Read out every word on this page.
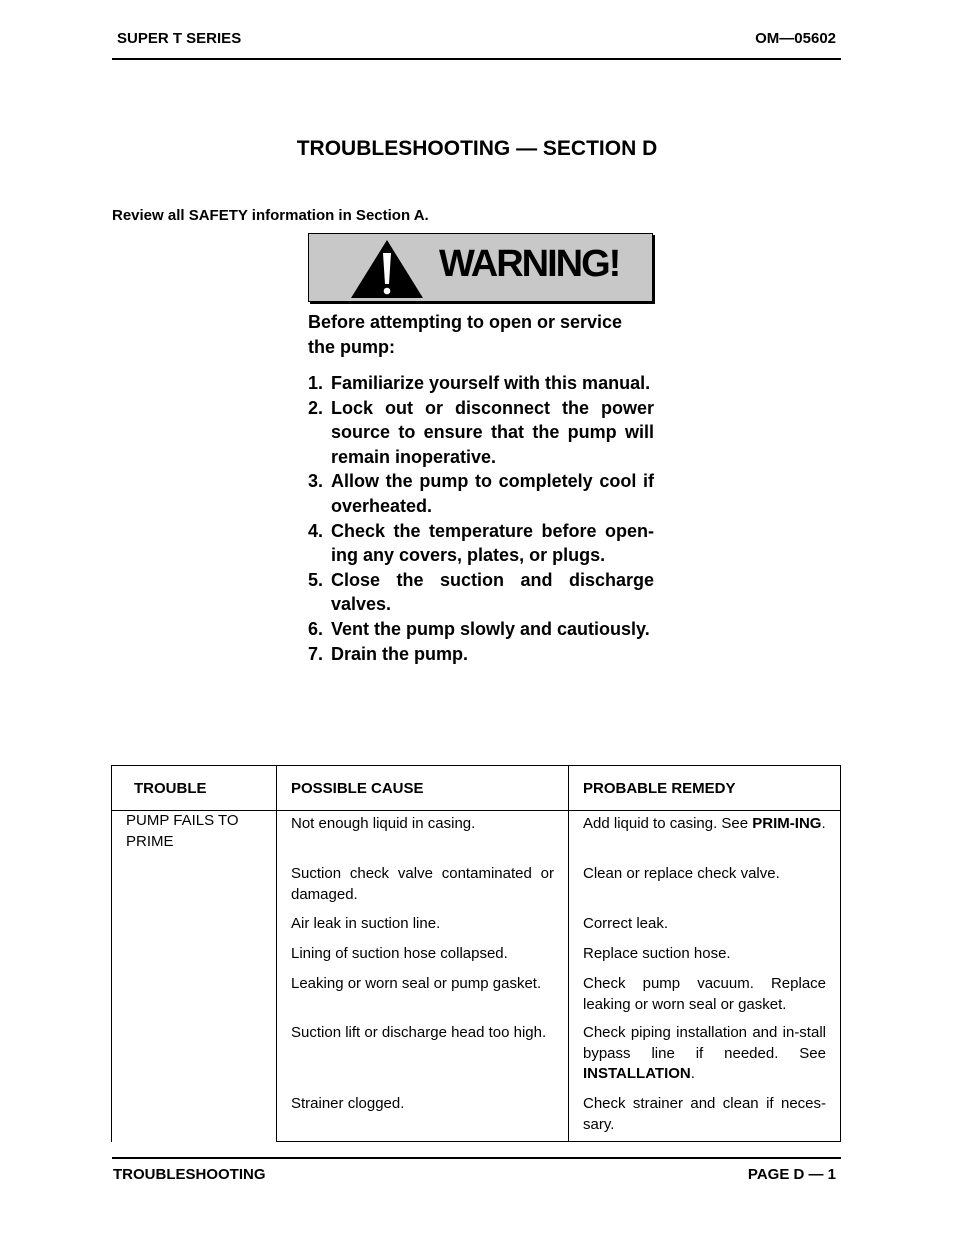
SUPER T SERIES	OM—05602
TROUBLESHOOTING — SECTION D
Review all SAFETY information in Section A.
WARNING!
Before attempting to open or service the pump:
1. Familiarize yourself with this manual.
2. Lock out or disconnect the power source to ensure that the pump will remain inoperative.
3. Allow the pump to completely cool if overheated.
4. Check the temperature before open-ing any covers, plates, or plugs.
5. Close the suction and discharge valves.
6. Vent the pump slowly and cautiously.
7. Drain the pump.
TROUBLE	POSSIBLE CAUSE	PROBABLE REMEDY
PUMP FAILS TO PRIME	Not enough liquid in casing.	Add liquid to casing. See PRIM-ING.
	Suction check valve contaminated or damaged.	Clean or replace check valve.
	Air leak in suction line.	Correct leak.
	Lining of suction hose collapsed.	Replace suction hose.
	Leaking or worn seal or pump gasket.	Check pump vacuum. Replace leaking or worn seal or gasket.
	Suction lift or discharge head too high.	Check piping installation and in-stall bypass line if needed. See INSTALLATION.
	Strainer clogged.	Check strainer and clean if neces-sary.
TROUBLESHOOTING	PAGE D — 1
